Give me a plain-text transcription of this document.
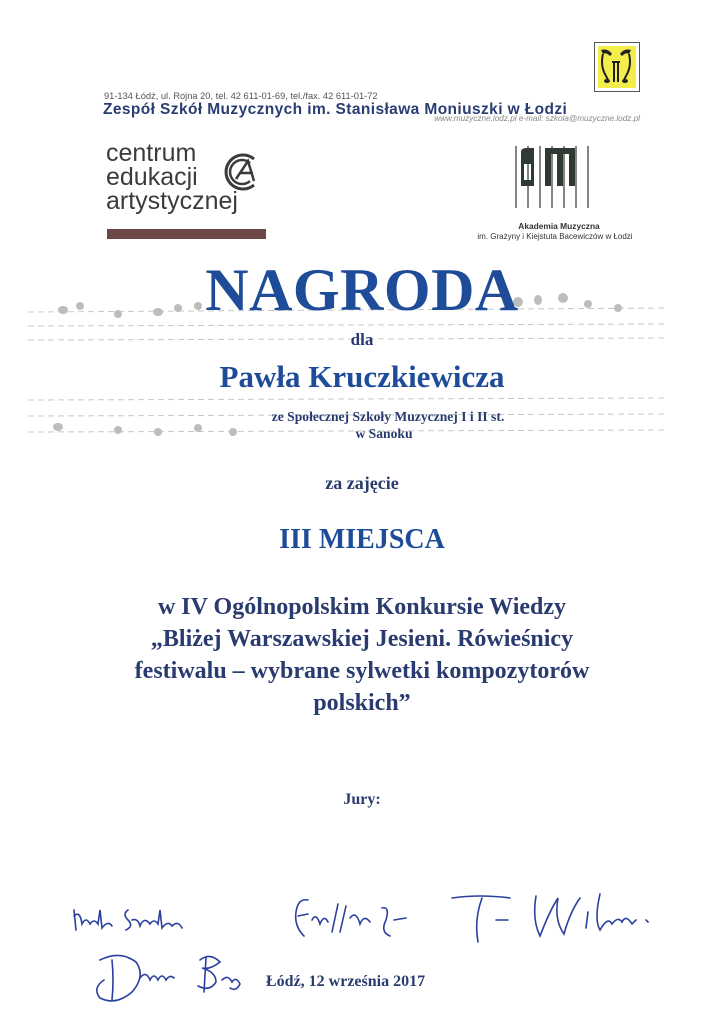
91-134 Łódź, ul. Rojna 20, tel. 42 611-01-69, tel./fax. 42 611-01-72
Zespół Szkół Muzycznych im. Stanisława Moniuszki w Łodzi
www.muzyczne.lodz.pl e-mail: szkola@muzyczne.lodz.pl
centrum
edukacji
artystycznej
Akademia Muzyczna
im. Grażyny i Kiejstuta Bacewiczów w Łodzi
NAGRODA
dla
Pawła Kruczkiewicza
ze Społecznej Szkoły Muzycznej I i II st.
w Sanoku
za zajęcie
III MIEJSCA
w IV Ogólnopolskim Konkursie Wiedzy
„Bliżej Warszawskiej Jesieni. Rówieśnicy
festiwalu – wybrane sylwetki kompozytorów
polskich”
Jury:
Łódź, 12 września 2017
